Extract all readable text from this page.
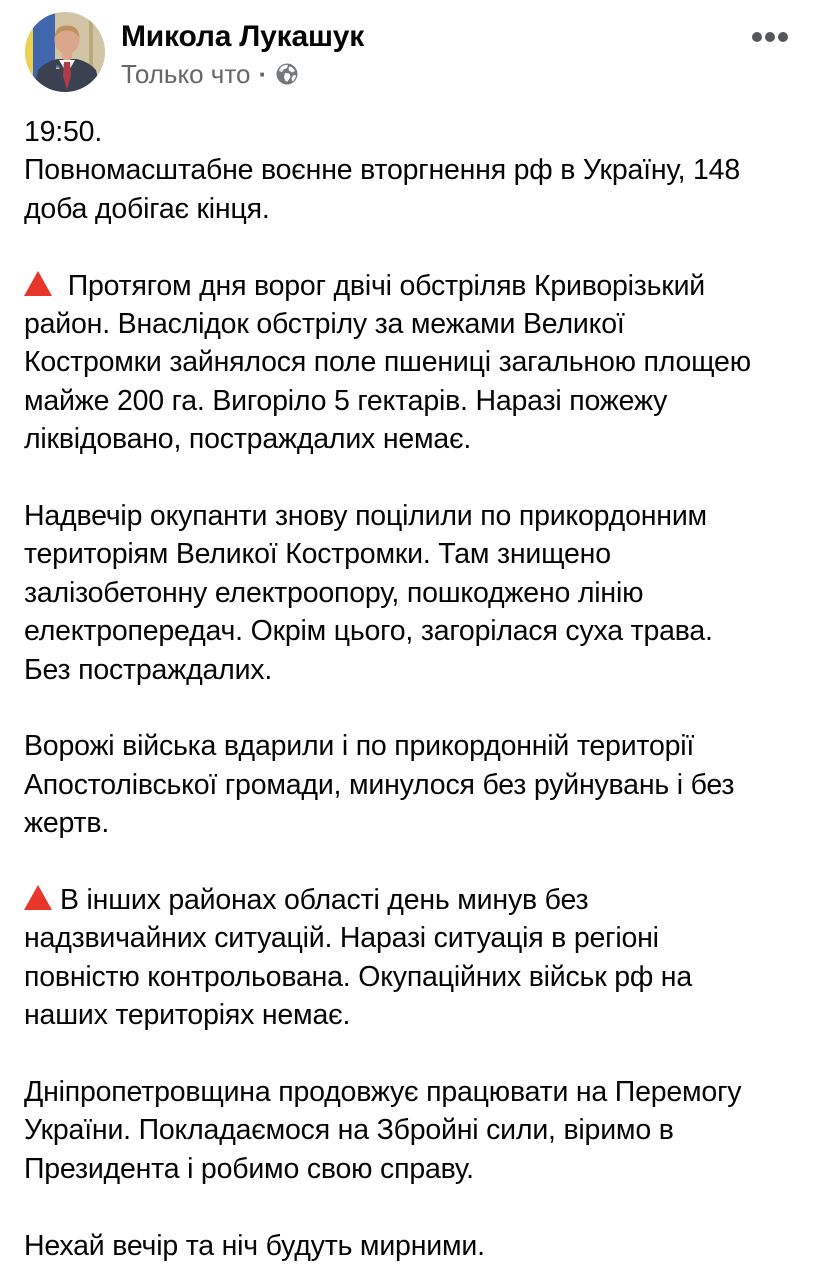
Микола Лукашук
Только что ·

19:50.
Повномасштабне воєнне вторгнення рф в Україну, 148
доба добігає кінця.

Протягом дня ворог двічі обстріляв Криворізький
район. Внаслідок обстрілу за межами Великої
Костромки зайнялося поле пшениці загальною площею
майже 200 га. Вигоріло 5 гектарів. Наразі пожежу
ліквідовано, постраждалих немає.

Надвечір окупанти знову поцілили по прикордонним
територіям Великої Костромки. Там знищено
залізобетонну електроопору, пошкоджено лінію
електропередач. Окрім цього, загорілася суха трава.
Без постраждалих.

Ворожі війська вдарили і по прикордонній території
Апостолівської громади, минулося без руйнувань і без
жертв.

В інших районах області день минув без
надзвичайних ситуацій. Наразі ситуація в регіоні
повністю контрольована. Окупаційних військ рф на
наших територіях немає.

Дніпропетровщина продовжує працювати на Перемогу
України. Покладаємося на Збройні сили, віримо в
Президента і робимо свою справу.

Нехай вечір та ніч будуть мирними.
